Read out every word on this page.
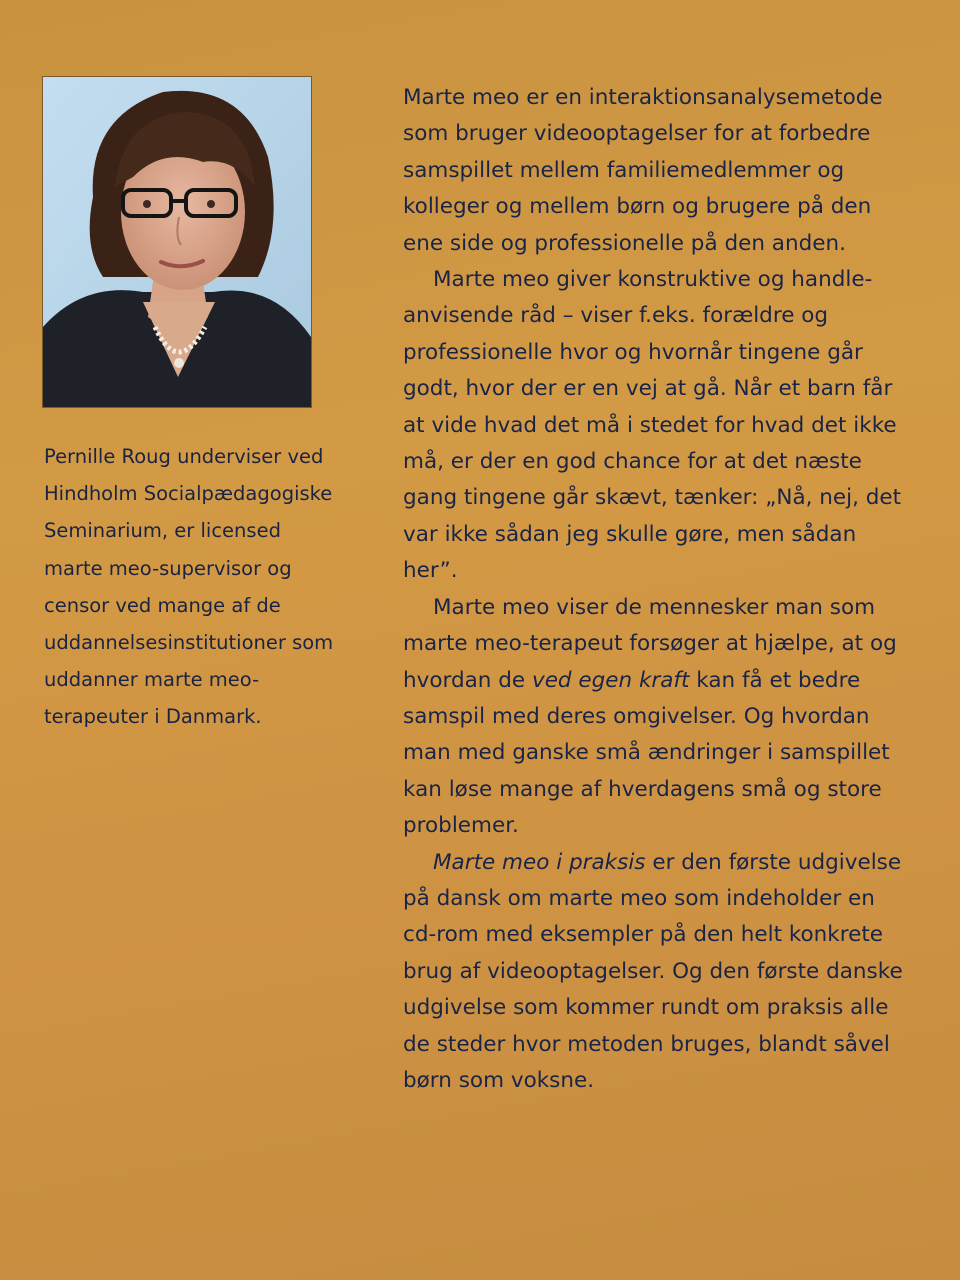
Pernille Roug underviser ved
Hindholm Socialpædagogiske
Seminarium, er licensed
marte meo-supervisor og
censor ved mange af de
uddannelsesinstitutioner som
uddanner marte meo-
terapeuter i Danmark.
Marte meo er en interaktionsanalysemetode
som bruger videooptagelser for at forbedre
samspillet mellem familiemedlemmer og
kolleger og mellem børn og brugere på den
ene side og professionelle på den anden.
Marte meo giver konstruktive og handle-
anvisende råd – viser f.eks. forældre og
professionelle hvor og hvornår tingene går
godt, hvor der er en vej at gå. Når et barn får
at vide hvad det må i stedet for hvad det ikke
må, er der en god chance for at det næste
gang tingene går skævt, tænker: „Nå, nej, det
var ikke sådan jeg skulle gøre, men sådan
her”.
Marte meo viser de mennesker man som
marte meo-terapeut forsøger at hjælpe, at og
hvordan de ved egen kraft kan få et bedre
samspil med deres omgivelser. Og hvordan
man med ganske små ændringer i samspillet
kan løse mange af hverdagens små og store
problemer.
Marte meo i praksis er den første udgivelse
på dansk om marte meo som indeholder en
cd-rom med eksempler på den helt konkrete
brug af videooptagelser. Og den første danske
udgivelse som kommer rundt om praksis alle
de steder hvor metoden bruges, blandt såvel
børn som voksne.
